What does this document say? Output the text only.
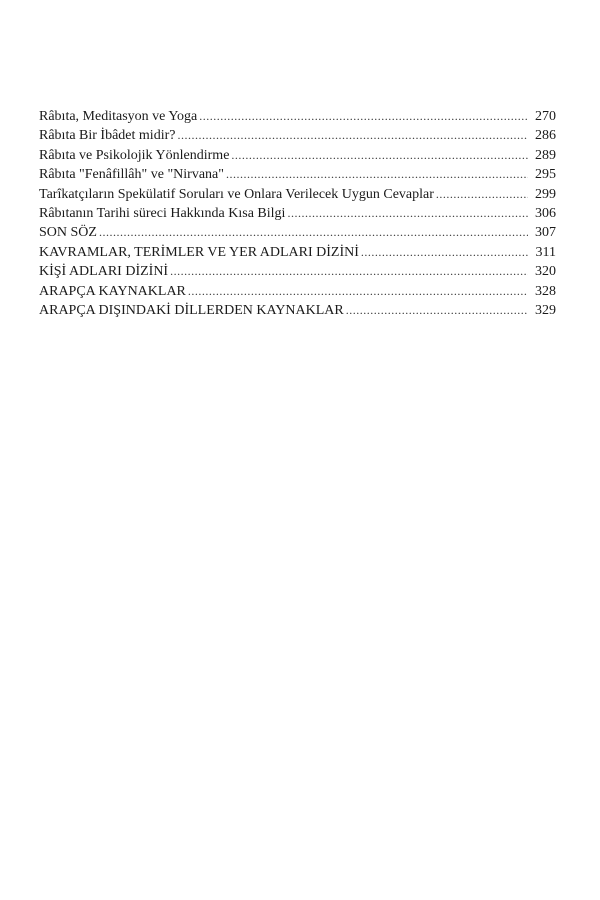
Râbıta, Meditasyon ve Yoga .....	270
Râbıta Bir İbâdet midir? .....	286
Râbıta ve Psikolojik Yönlendirme .....	289
Râbıta "Fenâfillâh" ve "Nirvana" .....	295
Tarîkatçıların Spekülatif Soruları ve Onlara Verilecek Uygun Cevaplar .....	299
Râbıtanın Tarihi süreci Hakkında Kısa Bilgi .....	306
SON SÖZ .....	307
KAVRAMLAR, TERİMLER VE YER ADLARI DİZİNİ .....	311
KİŞİ ADLARI DİZİNİ .....	320
ARAPÇA KAYNAKLAR .....	328
ARAPÇA DIŞINDAKİ DİLLERDEN KAYNAKLAR .....	329
